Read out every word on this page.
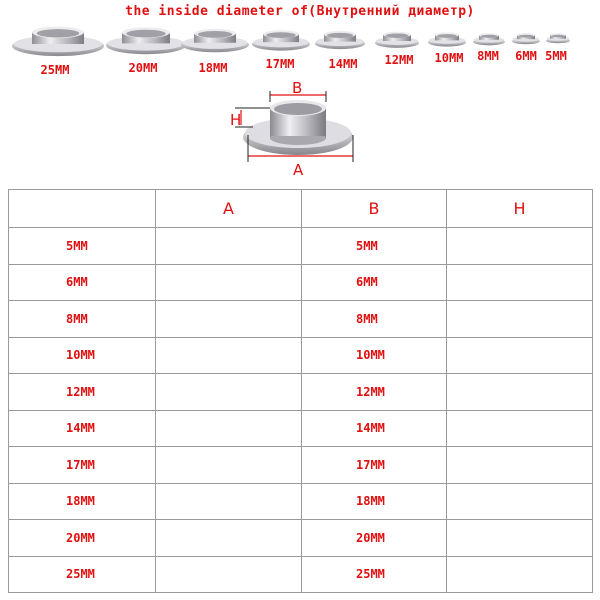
the inside diameter of(Внутренний диаметр)
25MM	20MM	18MM	17MM	14MM 12MM 10MM 8MM 6MM 5MM
B
H
A
	A	B	H
5MM		5MM	
6MM		6MM	
8MM		8MM	
10MM		10MM	
12MM		12MM	
14MM		14MM	
17MM		17MM	
18MM		18MM	
20MM		20MM	
25MM		25MM	
